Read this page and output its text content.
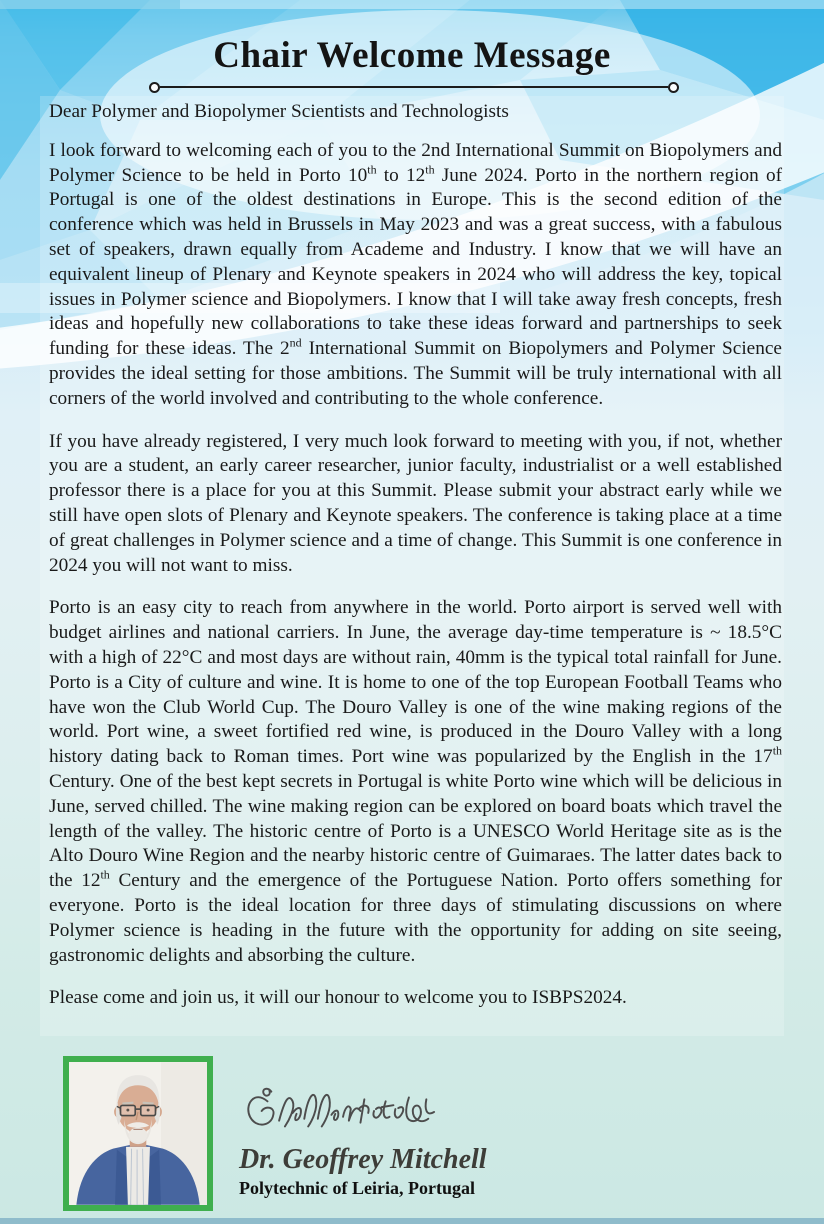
Chair Welcome Message

Dear Polymer and Biopolymer Scientists and Technologists

I look forward to welcoming each of you to the 2nd International Summit on Biopolymers and Polymer Science to be held in Porto 10th to 12th June 2024. Porto in the northern region of Portugal is one of the oldest destinations in Europe. This is the second edition of the conference which was held in Brussels in May 2023 and was a great success, with a fabulous set of speakers, drawn equally from Academe and Industry. I know that we will have an equivalent lineup of Plenary and Keynote speakers in 2024 who will address the key, topical issues in Polymer science and Biopolymers. I know that I will take away fresh concepts, fresh ideas and hopefully new collaborations to take these ideas forward and partnerships to seek funding for these ideas. The 2nd International Summit on Biopolymers and Polymer Science provides the ideal setting for those ambitions. The Summit will be truly international with all corners of the world involved and contributing to the whole conference.

If you have already registered, I very much look forward to meeting with you, if not, whether you are a student, an early career researcher, junior faculty, industrialist or a well established professor there is a place for you at this Summit. Please submit your abstract early while we still have open slots of Plenary and Keynote speakers. The conference is taking place at a time of great challenges in Polymer science and a time of change. This Summit is one conference in 2024 you will not want to miss.

Porto is an easy city to reach from anywhere in the world. Porto airport is served well with budget airlines and national carriers. In June, the average day-time temperature is ~ 18.5°C with a high of 22°C and most days are without rain, 40mm is the typical total rainfall for June. Porto is a City of culture and wine. It is home to one of the top European Football Teams who have won the Club World Cup. The Douro Valley is one of the wine making regions of the world. Port wine, a sweet fortified red wine, is produced in the Douro Valley with a long history dating back to Roman times. Port wine was popularized by the English in the 17th Century. One of the best kept secrets in Portugal is white Porto wine which will be delicious in June, served chilled. The wine making region can be explored on board boats which travel the length of the valley. The historic centre of Porto is a UNESCO World Heritage site as is the Alto Douro Wine Region and the nearby historic centre of Guimaraes. The latter dates back to the 12th Century and the emergence of the Portuguese Nation. Porto offers something for everyone. Porto is the ideal location for three days of stimulating discussions on where Polymer science is heading in the future with the opportunity for adding on site seeing, gastronomic delights and absorbing the culture.

Please come and join us, it will our honour to welcome you to ISBPS2024.

Dr. Geoffrey Mitchell
Polytechnic of Leiria, Portugal
